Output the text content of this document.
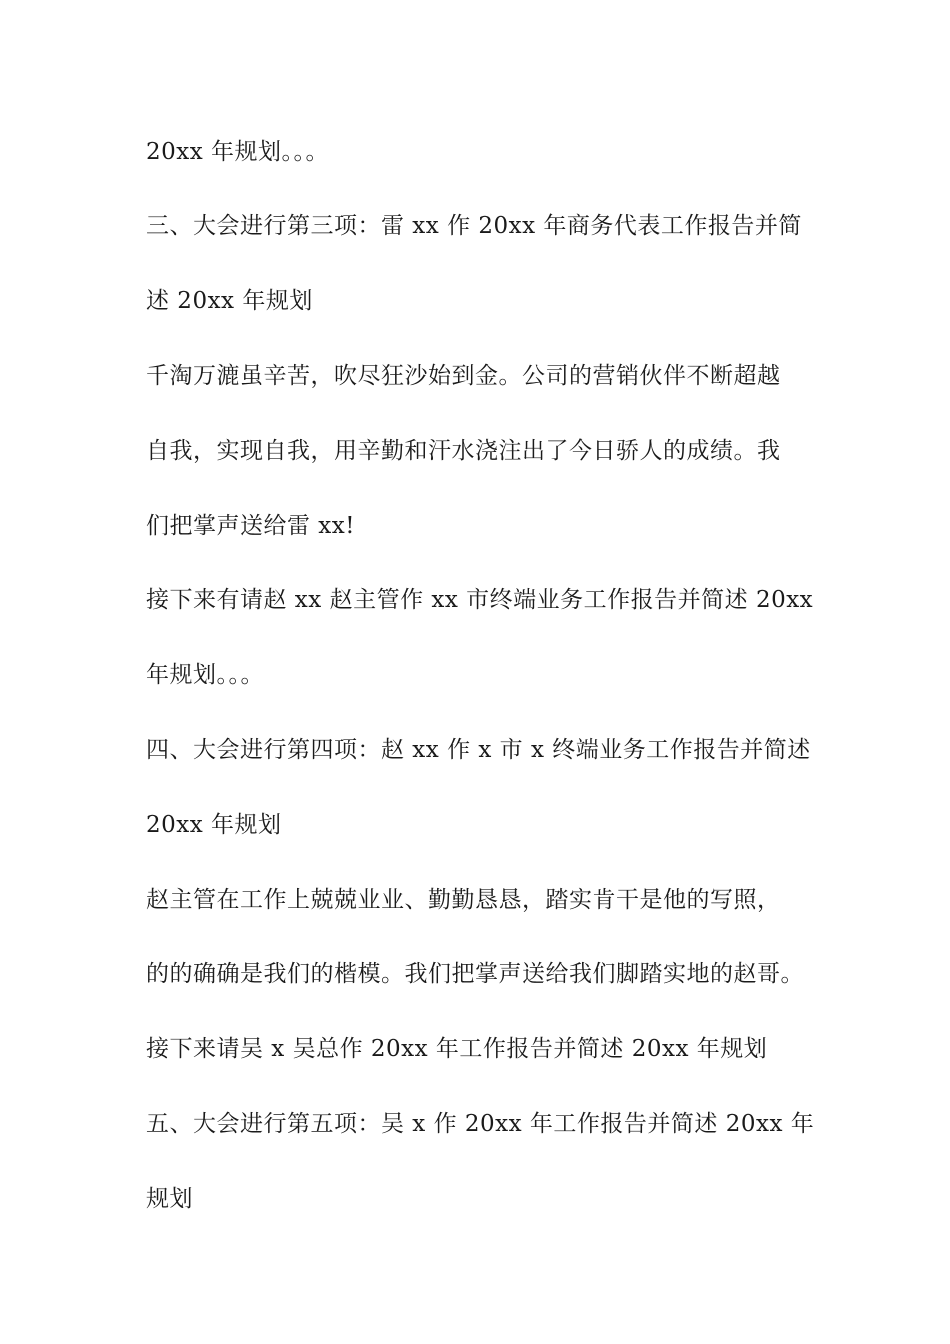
20xx 年规划。。。
三、大会进行第三项：雷 xx 作 20xx 年商务代表工作报告并简
述 20xx 年规划
千淘万漉虽辛苦，吹尽狂沙始到金。公司的营销伙伴不断超越
自我，实现自我，用辛勤和汗水浇注出了今日骄人的成绩。我
们把掌声送给雷 xx!
接下来有请赵 xx 赵主管作 xx 市终端业务工作报告并简述 20xx
年规划。。。
四、大会进行第四项：赵 xx 作 x 市 x 终端业务工作报告并简述
20xx 年规划
赵主管在工作上兢兢业业、勤勤恳恳，踏实肯干是他的写照，
的的确确是我们的楷模。我们把掌声送给我们脚踏实地的赵哥。
接下来请吴 x 吴总作 20xx 年工作报告并简述 20xx 年规划
五、大会进行第五项：吴 x 作 20xx 年工作报告并简述 20xx 年
规划
